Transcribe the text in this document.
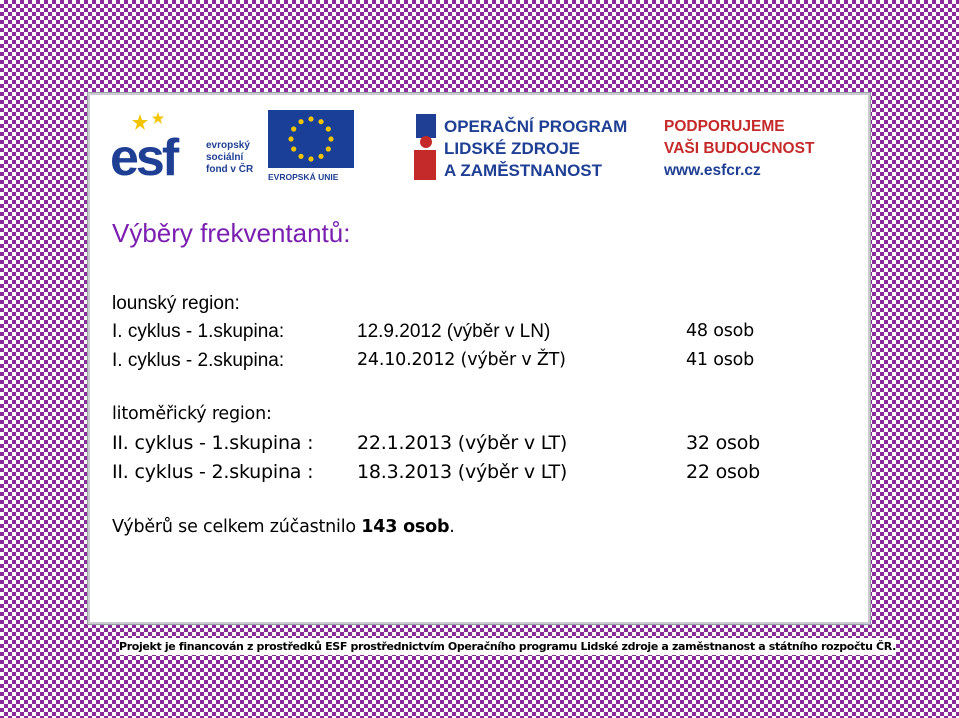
esf	evropský
sociální
fond v ČR
EVROPSKÁ UNIE
OPERAČNÍ PROGRAM
LIDSKÉ ZDROJE
A ZAMĚSTNANOST
PODPORUJEME
VAŠI BUDOUCNOST
www.esfcr.cz
Výběry frekventantů:
lounský region:
I. cyklus - 1.skupina:	12.9.2012 (výběr v LN)	48 osob
I. cyklus - 2.skupina:	24.10.2012 (výběr v ŽT)	41 osob
litoměřický region:
II. cyklus - 1.skupina : 22.1.2013 (výběr v LT)	32 osob
II. cyklus - 2.skupina : 18.3.2013 (výběr v LT)	22 osob
Výběrů se celkem zúčastnilo 143 osob.
Projekt je financován z prostředků ESF prostřednictvím Operačního programu Lidské zdroje a zaměstnanost a státního rozpočtu ČR.
